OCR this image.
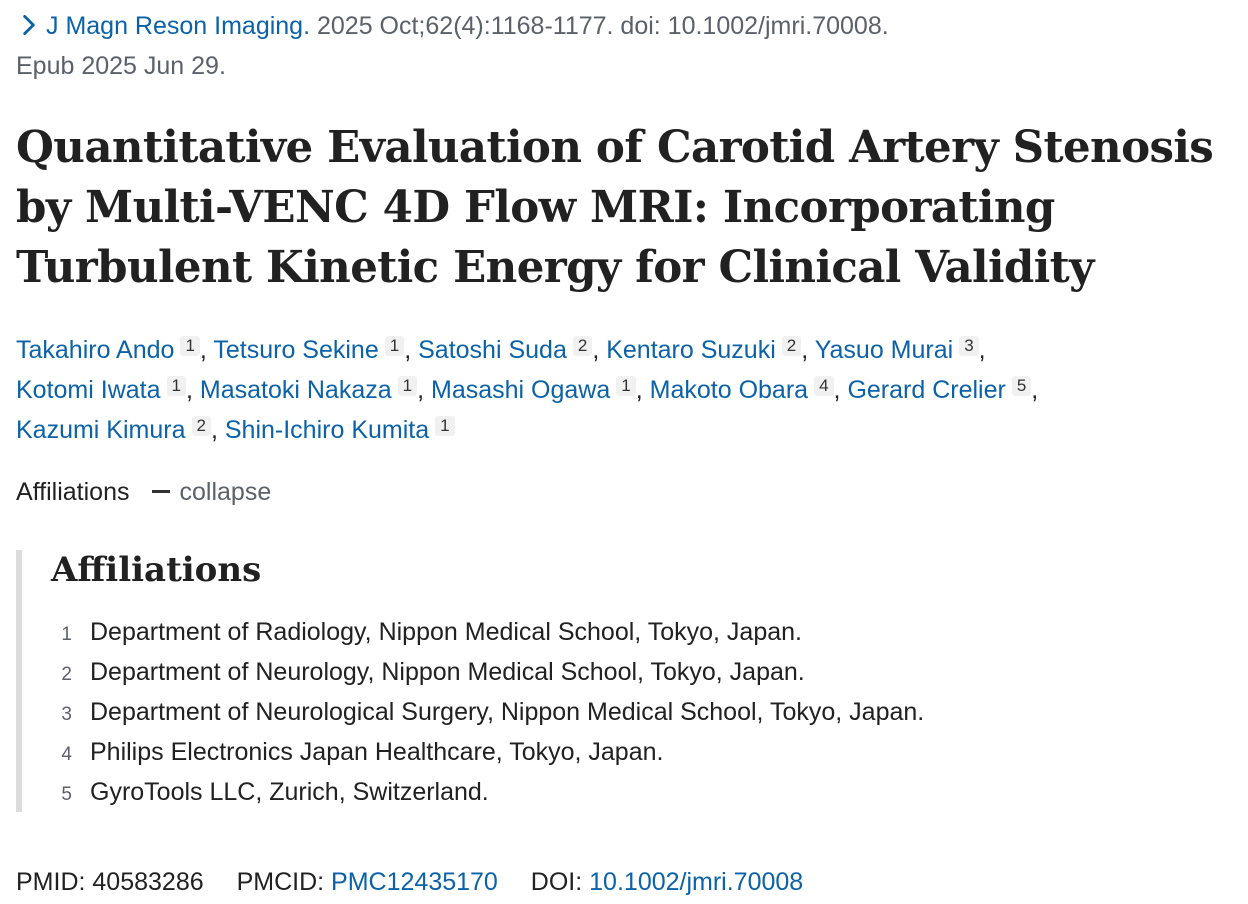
J Magn Reson Imaging. 2025 Oct;62(4):1168-1177. doi: 10.1002/jmri.70008.
Epub 2025 Jun 29.
Quantitative Evaluation of Carotid Artery Stenosis by Multi-VENC 4D Flow MRI: Incorporating Turbulent Kinetic Energy for Clinical Validity
Takahiro Ando 1 , Tetsuro Sekine 1 , Satoshi Suda 2 , Kentaro Suzuki 2 , Yasuo Murai 3 ,
Kotomi Iwata 1 , Masatoki Nakaza 1 , Masashi Ogawa 1 , Makoto Obara 4 , Gerard Crelier 5 ,
Kazumi Kimura 2 , Shin-Ichiro Kumita 1
Affiliations collapse
Affiliations
1 Department of Radiology, Nippon Medical School, Tokyo, Japan.
2 Department of Neurology, Nippon Medical School, Tokyo, Japan.
3 Department of Neurological Surgery, Nippon Medical School, Tokyo, Japan.
4 Philips Electronics Japan Healthcare, Tokyo, Japan.
5 GyroTools LLC, Zurich, Switzerland.
PMID: 40583286 PMCID: PMC12435170 DOI: 10.1002/jmri.70008
